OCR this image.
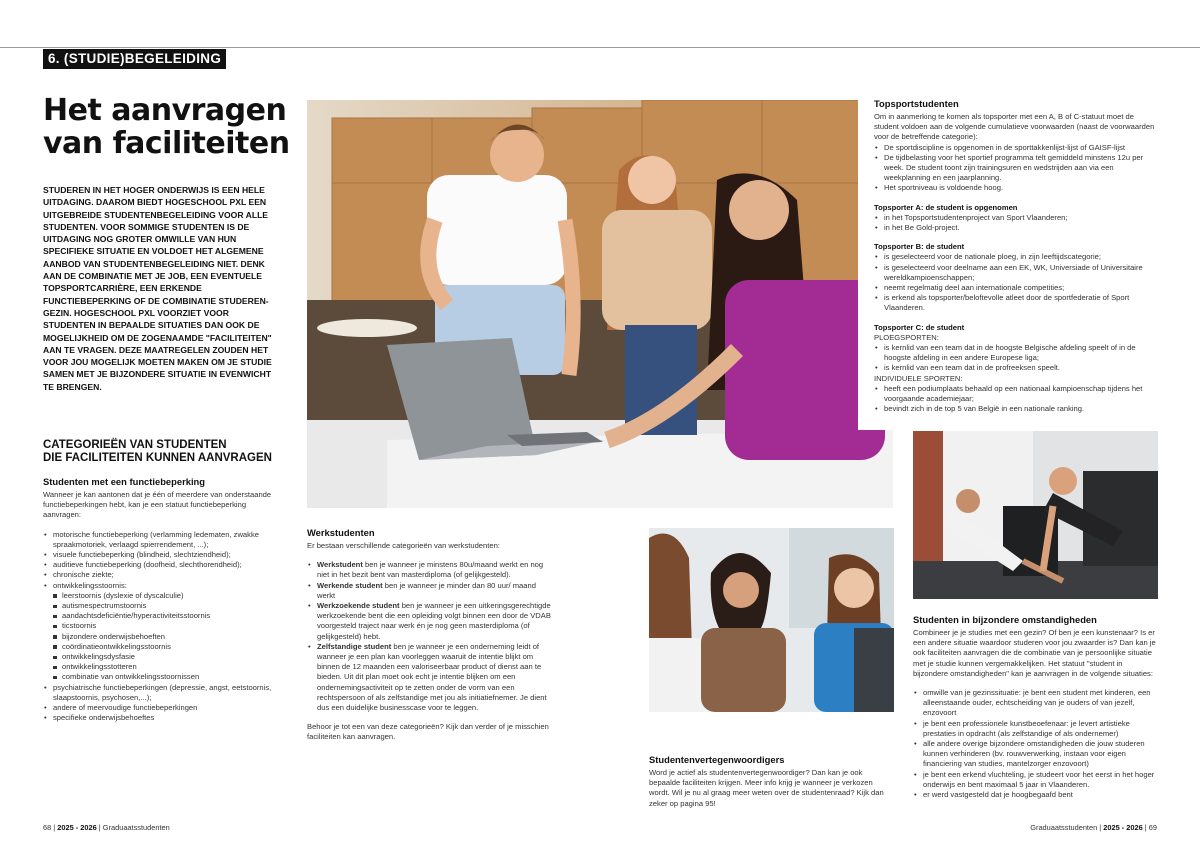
6. (STUDIE)BEGELEIDING
Het aanvragen van faciliteiten

STUDEREN IN HET HOGER ONDERWIJS IS EEN HELE UITDAGING. DAAROM BIEDT HOGESCHOOL PXL EEN UITGEBREIDE STUDENTENBEGELEIDING VOOR ALLE STUDENTEN. VOOR SOMMIGE STUDENTEN IS DE UITDAGING NOG GROTER OMWILLE VAN HUN SPECIFIEKE SITUATIE EN VOLDOET HET ALGEMENE AANBOD VAN STUDENTENBEGELEIDING NIET. DENK AAN DE COMBINATIE MET JE JOB, EEN EVENTUELE TOPSPORTCARRIÈRE, EEN ERKENDE FUNCTIEBEPERKING OF DE COMBINATIE STUDEREN-GEZIN. HOGESCHOOL PXL VOORZIET VOOR STUDENTEN IN BEPAALDE SITUATIES DAN OOK DE MOGELIJKHEID OM DE ZOGENAAMDE "FACILITEITEN" AAN TE VRAGEN. DEZE MAATREGELEN ZOUDEN HET VOOR JOU MOGELIJK MOETEN MAKEN OM JE STUDIE SAMEN MET JE BIJZONDERE SITUATIE IN EVENWICHT TE BRENGEN.

CATEGORIEËN VAN STUDENTEN
DIE FACILITEITEN KUNNEN AANVRAGEN
Studenten met een functiebeperking

Wanneer je kan aantonen dat je één of meerdere van onderstaande functiebeperkingen hebt, kan je een statuut functiebeperking aanvragen:

• motorische functiebeperking (verlamming ledematen, zwakke spraakmotoriek, verlaagd spierrendement, ...);
• visuele functiebeperking (blindheid, slechtziendheid);
• auditieve functiebeperking (doofheid, slechthorendheid);
• chronische ziekte;
• ontwikkelingsstoornis:
leerstoornis (dyslexie of dyscalculie)
autismespectrumstoornis
aandachtsdeficiëntie/hyperactiviteitsstoornis
ticstoornis
bijzondere onderwijsbehoeften
coördinatieontwikkelingsstoornis
ontwikkelingsdysfasie
ontwikkelingsstotteren
combinatie van ontwikkelingsstoornissen
• psychiatrische functiebeperkingen (depressie, angst, eetstoornis, slaapstoornis, psychosen,...);
• andere of meervoudige functiebeperkingen
• specifieke onderwijsbehoeftes
Werkstudenten

Er bestaan verschillende categorieën van werkstudenten:

• Werkstudent ben je wanneer je minstens 80u/maand werkt en nog niet in het bezit bent van masterdiploma (of gelijkgesteld).
• Werkende student ben je wanneer je minder dan 80 uur/ maand werkt
• Werkzoekende student ben je wanneer je een uitkeringsgerechtigde werkzoekende bent die een opleiding volgt binnen een door de VDAB voorgesteld traject naar werk én je nog geen masterdiploma (of gelijkgesteld) hebt.
• Zelfstandige student ben je wanneer je een onderneming leidt of wanneer je een plan kan voorleggen waaruit de intentie blijkt om binnen de 12 maanden een valoriseerbaar product of dienst aan te bieden. Uit dit plan moet ook echt je intentie blijken om een ondernemingsactiviteit op te zetten onder de vorm van een rechtspersoon of als zelfstandige met jou als initiatiefnemer. Je dient dus een duidelijke businesscase voor te leggen.

Behoor je tot een van deze categorieën? Kijk dan verder of je misschien faciliteiten kan aanvragen.

Studentenvertegenwoordigers

Word je actief als studentenvertegenwoordiger? Dan kan je ook bepaalde faciliteiten krijgen. Meer info krijg je wanneer je verkozen wordt. Wil je nu al graag meer weten over de studentenraad? Kijk dan zeker op pagina 95!

Topsportstudenten

Om in aanmerking te komen als topsporter met een A, B of C-statuut moet de student voldoen aan de volgende cumulatieve voorwaarden (naast de voorwaarden voor de betreffende categorie):

• De sportdiscipline is opgenomen in de sporttakkenlijst-lijst of GAISF-lijst
• De tijdbelasting voor het sportief programma telt gemiddeld minstens 12u per week. De student toont zijn trainingsuren en wedstrijden aan via een weekplanning en een jaarplanning.
• Het sportniveau is voldoende hoog.
Topsporter A: de student is opgenomen
• in het Topsportstudentenproject van Sport Vlaanderen;
• in het Be Gold-project.
Topsporter B: de student
• is geselecteerd voor de nationale ploeg, in zijn leeftijdscategorie;
• is geselecteerd voor deelname aan een EK, WK, Universiade of Universitaire wereldkampioenschappen;
• neemt regelmatig deel aan internationale competities;
• is erkend als topsporter/beloftevolle atleet door de sportfederatie of Sport Vlaanderen.
Topsporter C: de student
PLOEGSPORTEN:
• is kernlid van een team dat in de hoogste Belgische afdeling speelt of in de hoogste afdeling in een andere Europese liga;
• is kernlid van een team dat in de profreeksen speelt.
INDIVIDUELE SPORTEN:
• heeft een podiumplaats behaald op een nationaal kampioenschap tijdens het voorgaande academiejaar;
• bevindt zich in de top 5 van België in een nationale ranking.
Studenten in bijzondere omstandigheden

Combineer je je studies met een gezin? Of ben je een kunstenaar? Is er een andere situatie waardoor studeren voor jou zwaarder is? Dan kan je ook faciliteiten aanvragen die de combinatie van je persoonlijke situatie met je studie kunnen vergemakkelijken. Het statuut "student in bijzondere omstandigheden" kan je aanvragen in de volgende situaties:

• omwille van je gezinssituatie: je bent een student met kinderen, een alleenstaande ouder, echtscheiding van je ouders of van jezelf, enzovoort
• je bent een professionele kunstbeoefenaar: je levert artistieke prestaties in opdracht (als zelfstandige of als ondernemer)
• alle andere overige bijzondere omstandigheden die jouw studeren kunnen verhinderen (bv. rouwverwerking, instaan voor eigen financiering van studies, mantelzorger enzovoort)
• je bent een erkend vluchteling, je studeert voor het eerst in het hoger onderwijs en bent maximaal 5 jaar in Vlaanderen.
• er werd vastgesteld dat je hoogbegaafd bent
68 | 2025 - 2026 | Graduaatsstudenten	Graduaatsstudenten | 2025 - 2026 | 69
